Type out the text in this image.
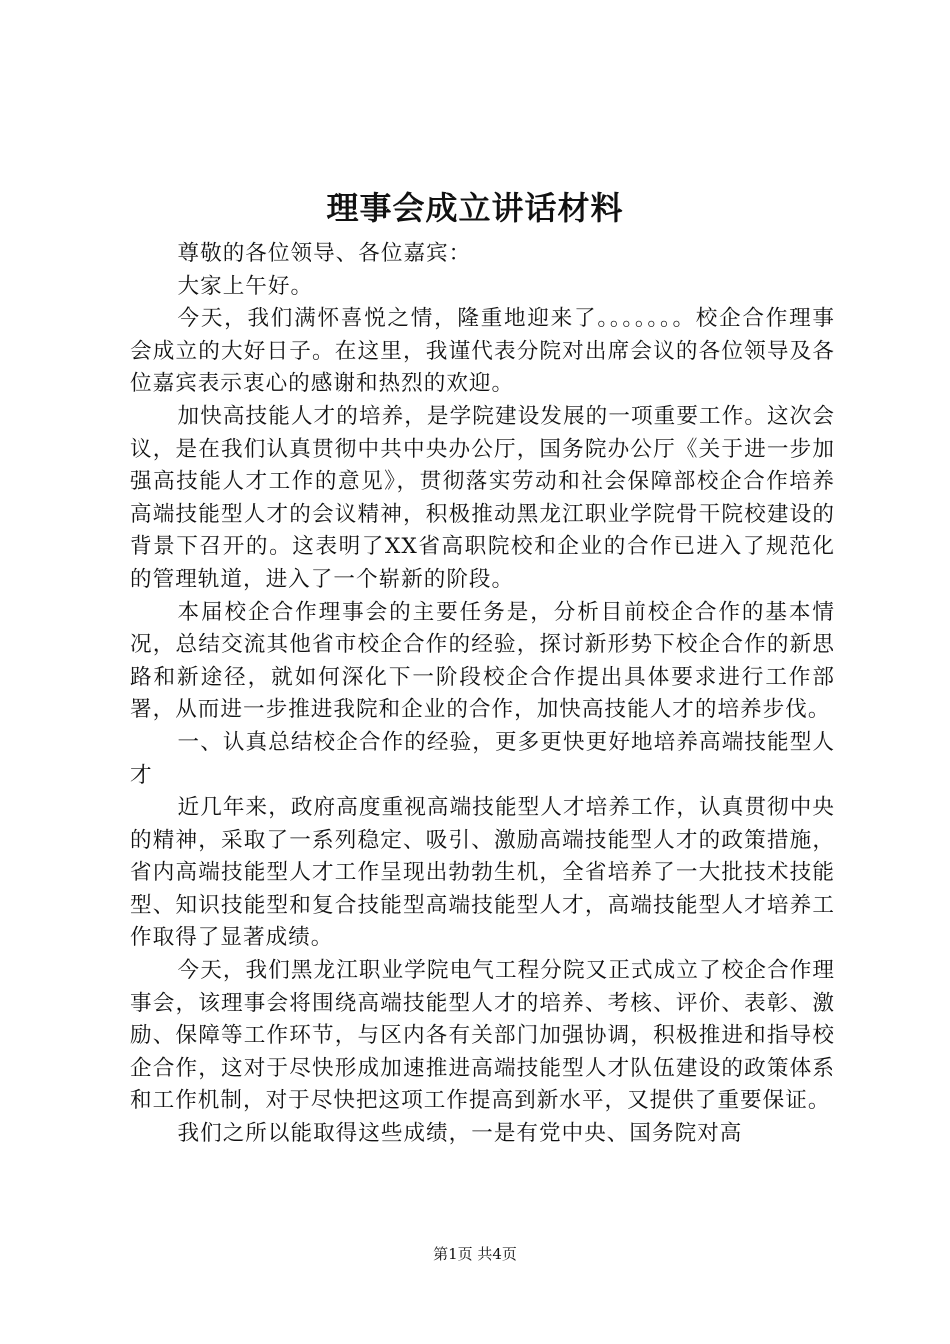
理事会成立讲话材料

尊敬的各位领导、各位嘉宾：

大家上午好。

今天，我们满怀喜悦之情，隆重地迎来了。。。。。。。校企合作理事会成立的大好日子。在这里，我谨代表分院对出席会议的各位领导及各位嘉宾表示衷心的感谢和热烈的欢迎。

加快高技能人才的培养，是学院建设发展的一项重要工作。这次会议，是在我们认真贯彻中共中央办公厅，国务院办公厅《关于进一步加强高技能人才工作的意见》，贯彻落实劳动和社会保障部校企合作培养高端技能型人才的会议精神，积极推动黑龙江职业学院骨干院校建设的背景下召开的。这表明了XX省高职院校和企业的合作已进入了规范化的管理轨道，进入了一个崭新的阶段。

本届校企合作理事会的主要任务是，分析目前校企合作的基本情况，总结交流其他省市校企合作的经验，探讨新形势下校企合作的新思路和新途径，就如何深化下一阶段校企合作提出具体要求进行工作部署，从而进一步推进我院和企业的合作，加快高技能人才的培养步伐。

一、认真总结校企合作的经验，更多更快更好地培养高端技能型人才

近几年来，政府高度重视高端技能型人才培养工作，认真贯彻中央的精神，采取了一系列稳定、吸引、激励高端技能型人才的政策措施，省内高端技能型人才工作呈现出勃勃生机，全省培养了一大批技术技能型、知识技能型和复合技能型高端技能型人才，高端技能型人才培养工作取得了显著成绩。

今天，我们黑龙江职业学院电气工程分院又正式成立了校企合作理事会，该理事会将围绕高端技能型人才的培养、考核、评价、表彰、激励、保障等工作环节，与区内各有关部门加强协调，积极推进和指导校企合作，这对于尽快形成加速推进高端技能型人才队伍建设的政策体系和工作机制，对于尽快把这项工作提高到新水平，又提供了重要保证。

我们之所以能取得这些成绩，一是有党中央、国务院对高

第1页 共4页
